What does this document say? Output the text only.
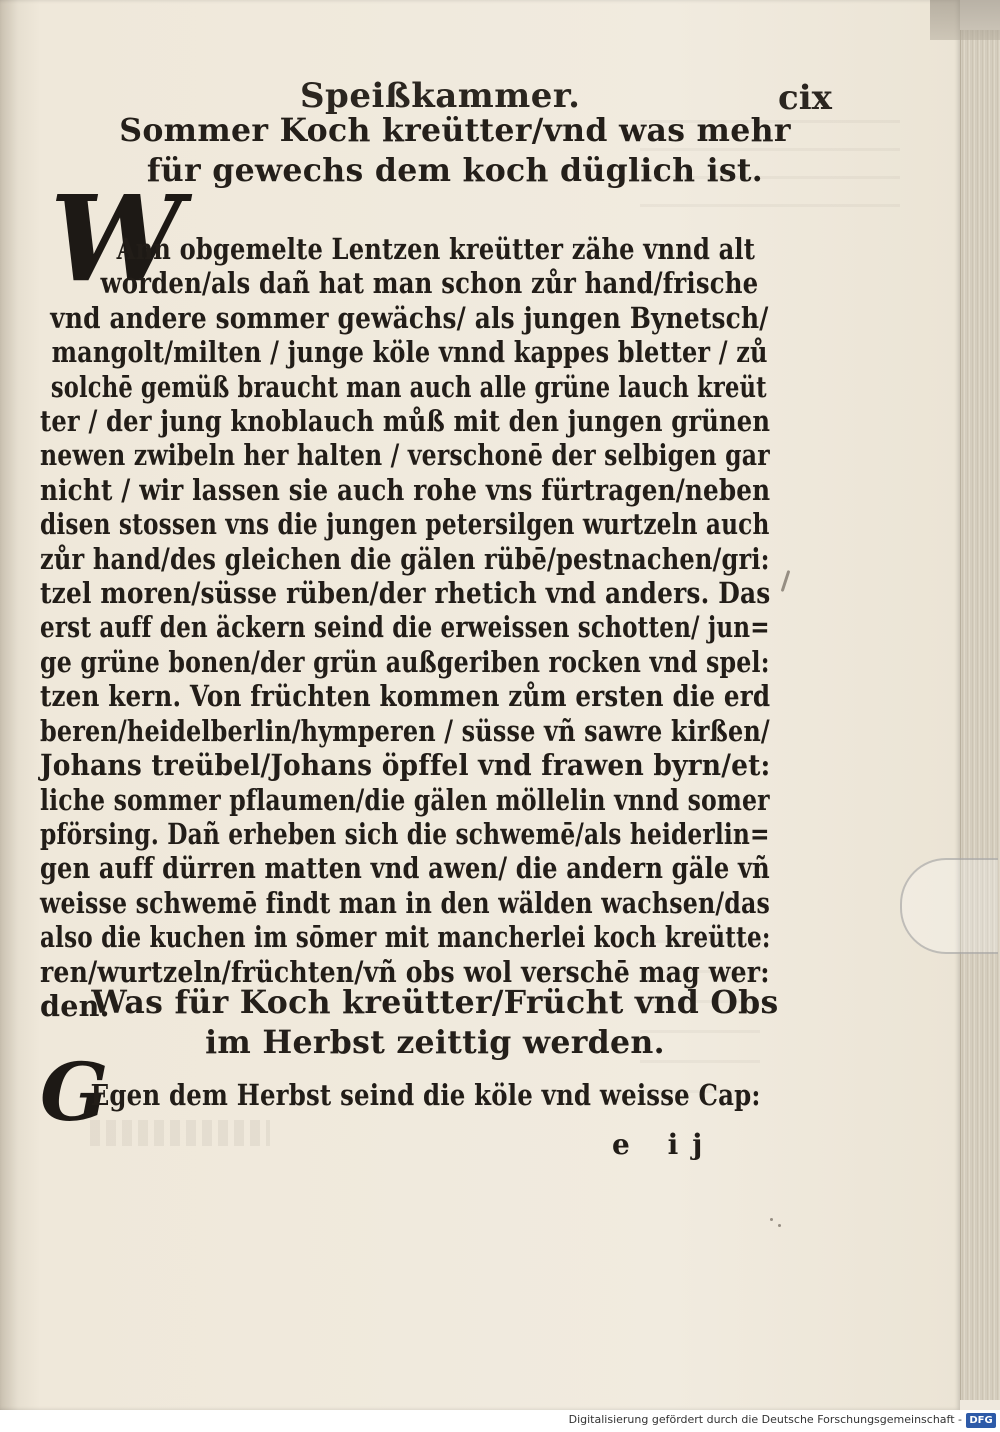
Speißkammer.	cix
Sommer Koch kreütter/vnd was mehr
für gewechs dem koch düglich ist.
W
Ann obgemelte Lentzen kreütter zähe vnnd alt
worden/als dañ hat man schon zůr hand/frische
vnd andere sommer gewächs/ als jungen Bynetsch/
mangolt/milten / junge köle vnnd kappes bletter / zů
solchē gemüß braucht man auch alle grüne lauch kreüt
ter / der jung knoblauch můß mit den jungen grünen
newen zwibeln her halten / verschonē der selbigen gar
nicht / wir lassen sie auch rohe vns fürtragen/neben
disen stossen vns die jungen petersilgen wurtzeln auch
zůr hand/des gleichen die gälen rübē/pestnachen/gri:
tzel moren/süsse rüben/der rhetich vnd anders. Das
erst auff den äckern seind die erweissen schotten/ jun=
ge grüne bonen/der grün außgeriben rocken vnd spel:
tzen kern. Von früchten kommen zům ersten die erd
beren/heidelberlin/hymperen / süsse vñ sawre kirßen/
Johans treübel/Johans öpffel vnd frawen byrn/et:
liche sommer pflaumen/die gälen möllelin vnnd somer
pförsing. Dañ erheben sich die schwemē/als heiderlin=
gen auff dürren matten vnd awen/ die andern gäle vñ
weisse schwemē findt man in den wälden wachsen/das
also die kuchen im sōmer mit mancherlei koch kreütte:
ren/wurtzeln/früchten/vñ obs wol verschē mag wer:
den.
Was für Koch kreütter/Frücht vnd Obs
im Herbst zeittig werden.
G
Egen dem Herbst seind die köle vnd weisse Cap:
e ij
Digitalisierung gefördert durch die Deutsche Forschungsgemeinschaft - DFG
